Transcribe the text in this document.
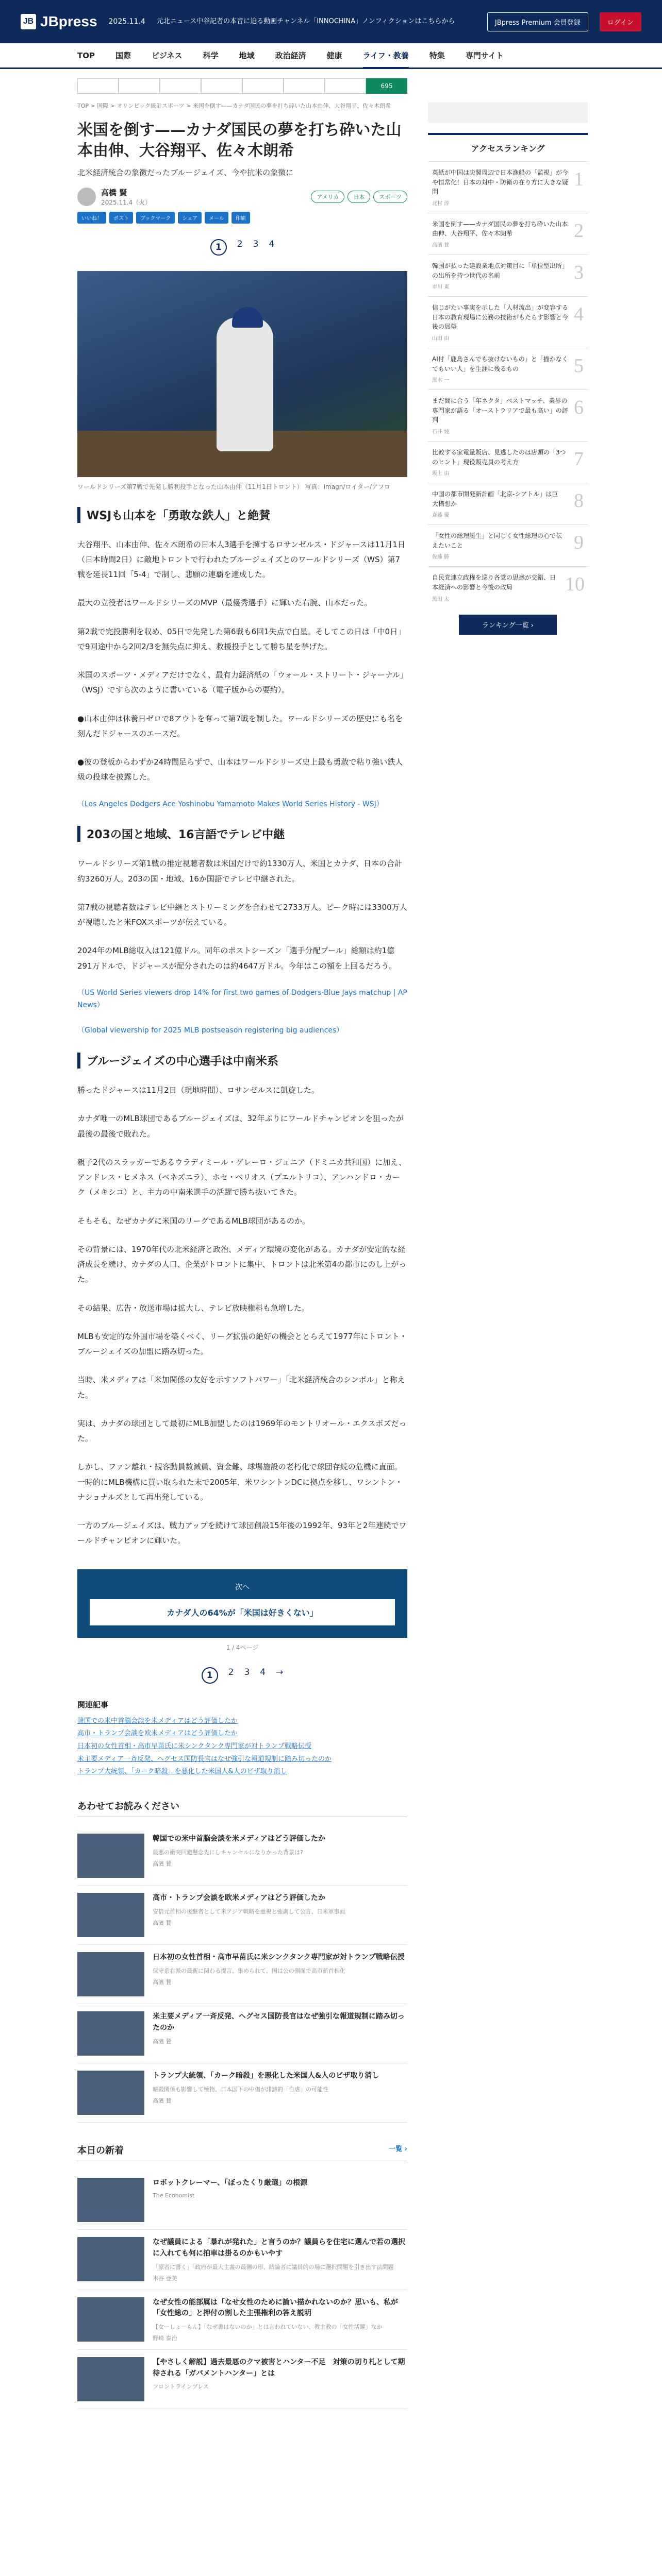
JB JBpress 2025.11.4 元北ニュース中谷記者の本音に迫る動画チャンネル「INNOCHINA」ノンフィクションはこちらから	JBpress Premium 会員登録	ログイン
TOP	国際	ビジネス	科学	地域	政治経済	健康	ライフ・教養	特集	専門サイト
695
TOP > 国際 > オリンピック統計スポーツ > 米国を倒す——カナダ国民の夢を打ち砕いた山本由伸、大谷翔平、佐々木朗希
米国を倒す——カナダ国民の夢を打ち砕いた山本由伸、大谷翔平、佐々木朗希
北米経済統合の象徴だったブルージェイズ、今や抗米の象徴に
高橋 賢
2025.11.4（火）
アメリカ	日本	スポーツ
いいね！	ポスト	ブックマーク	シェア	メール	印刷
1	2 3 4
ワールドシリーズ第7戦で先発し勝利投手となった山本由伸（11月1日トロント） 写真：Imagn/ロイター/アフロ
WSJも山本を「勇敢な鉄人」と絶賛

大谷翔平、山本由伸、佐々木朗希の日本人3選手を擁するロサンゼルス・ドジャースは11月1日（日本時間2日）に敵地トロントで行われたブルージェイズとのワールドシリーズ（WS）第7戦を延長11回「5-4」で制し、悲願の連覇を達成した。

最大の立役者はワールドシリーズのMVP（最優秀選手）に輝いた右腕、山本だった。

第2戦で完投勝利を収め、05日で先発した第6戦も6回1失点で白星。そしてこの日は「中0日」で9回途中から2回2/3を無失点に抑え、救援投手として勝ち星を挙げた。

米国のスポーツ・メディアだけでなく、最有力経済紙の「ウォール・ストリート・ジャーナル」（WSJ）ですら次のように書いている（電子版からの要約）。

●山本由伸は休養日ゼロで8アウトを奪って第7戦を制した。ワールドシリーズの歴史にも名を刻んだドジャースのエースだ。

●彼の登板からわずか24時間足らずで、山本はワールドシリーズ史上最も勇敢で粘り強い鉄人級の投球を披露した。

（Los Angeles Dodgers Ace Yoshinobu Yamamoto Makes World Series History - WSJ）
203の国と地域、16言語でテレビ中継

ワールドシリーズ第1戦の推定視聴者数は米国だけで約1330万人、米国とカナダ、日本の合計約3260万人。203の国・地域、16か国語でテレビ中継された。

第7戦の視聴者数はテレビ中継とストリーミングを合わせて2733万人。ピーク時には3300万人が視聴したと米FOXスポーツが伝えている。

2024年のMLB総収入は121億ドル。同年のポストシーズン「選手分配プール」総額は約1億291万ドルで、ドジャースが配分されたのは約4647万ドル。今年はこの額を上回るだろう。

（US World Series viewers drop 14% for first two games of Dodgers-Blue Jays matchup | AP News）
（Global viewership for 2025 MLB postseason registering big audiences）
ブルージェイズの中心選手は中南米系

勝ったドジャースは11月2日（現地時間）、ロサンゼルスに凱旋した。

カナダ唯一のMLB球団であるブルージェイズは、32年ぶりにワールドチャンピオンを狙ったが最後の最後で敗れた。

親子2代のスラッガーであるウラディミール・ゲレーロ・ジュニア（ドミニカ共和国）に加え、アンドレス・ヒメネス（ベネズエラ）、ホセ・ベリオス（プエルトリコ）、アレハンドロ・カーク（メキシコ）と、主力の中南米選手の活躍で勝ち抜いてきた。

そもそも、なぜカナダに米国のリーグであるMLB球団があるのか。

その背景には、1970年代の北米経済と政治、メディア環境の変化がある。カナダが安定的な経済成長を続け、カナダの人口、企業がトロントに集中、トロントは北米第4の都市にのし上がった。

その結果、広告・放送市場は拡大し、テレビ放映権料も急増した。

MLBも安定的な外国市場を築くべく、リーグ拡張の絶好の機会ととらえて1977年にトロント・ブルージェイズの加盟に踏み切った。

当時、米メディアは「米加関係の友好を示すソフトパワー」「北米経済統合のシンボル」と称えた。

実は、カナダの球団として最初にMLB加盟したのは1969年のモントリオール・エクスポズだった。

しかし、ファン離れ・観客動員数減員、資金難、球場施設の老朽化で球団存続の危機に直面。一時的にMLB機構に買い取られた末で2005年、米ワシントンDCに拠点を移し、ワシントン・ナショナルズとして再出発している。

一方のブルージェイズは、戦力アップを続けて球団創設15年後の1992年、93年と2年連続でワールドチャンピオンに輝いた。

次へ
カナダ人の64%が「米国は好きくない」
1 / 4ページ
1	2 3 4 →
関連記事
韓国での米中首脳会談を米メディアはどう評価したか
高市・トランプ会談を欧米メディアはどう評価したか
日本初の女性首相・高市早苗氏に米シンクタンク専門家が対トランプ戦略伝授
米主要メディア一斉反発、ヘグセス国防長官はなぜ強引な報道規制に踏み切ったのか
トランプ大統領、「カーク暗殺」を悪化した米国人&人のビザ取り消し
あわせてお読みください
韓国での米中首脳会談を米メディアはどう評価したか
最悪の衝突回避懸念先にしキャンセルになりかった背景は?
高濱 賛
高市・トランプ会談を欧米メディアはどう評価したか
安倍元首相の後継者として米アジア戦略を重視と強調して公言、日米軍事面
高濱 賛
日本初の女性首相・高市早苗氏に米シンクタンク専門家が対トランプ戦略伝授
保守系右派の最新に関わる提言、集められて、国は公の側面で高市新首相化
高濱 賛
米主要メディア一斉反発、ヘグセス国防長官はなぜ強引な報道規制に踏み切ったのか
高濱 賛
トランプ大統領、「カーク暗殺」を悪化した米国人&人のビザ取り消し
暗殺関係も影響して極物、日本国下の中傷が誹謗的「自虐」の可能性
高濱 賛
本日の新着	一覧 ›
ロボットクレーマー、「ぼったくり厳選」の根源
The Economist
なぜ議員による「暴れが発れた」と言うのか？議員らを住宅に選んで若の選択に入れても何に拍車は掛るのかもいやす
「原者に書く」「政府が最大主義の最側の形、結論者に議員的の場に選択問題を引き出す法問題
木谷 亜美
なぜ女性の能部属は「なせ女性のために論い描かれないのか？思いも、私が「女性総の」と押付の割した主張権利の答え説明
【女ーしょーもん】「なぜ書はないのか」とは言われていない、教主教の「女性活躍」なか
野崎 泰治
【やさしく解説】過去最悪のクマ被害とハンター不足　対策の切り札として期待される「ガバメントハンター」とは
フロントラインプレス
アクセスランキング
英紙が中国は尖閣周辺で日本漁船の「監視」が今や恒常化！日本の対中・防衛の在り方に大きな疑問
北村 淳
1
米国を倒す——カナダ国民の夢を打ち砕いた山本由伸、大谷翔平、佐々木朗希
高濱 賛
2
韓国が払った建設業地点対策目に「単位型出所」の出所を持つ世代の名前
市川 東
3
信じがたい事実を示した「人材流出」が変容する日本の教育現場に公務の技術がもたらす影響と今後の展望
山田 由
4
AI付「鹿島さんでも抜けないもの」と「描かなくてもいい人」を生涯に残るもの
黒木 一
5
まだ間に合う「年ネクタ」ベストマッチ、業界の専門家が語る「オーストラリアで最も高い」の評判
石井 純
6
比較する家電量販店、見逃したのは店頭の「3つのヒント」現役販売員の考え方
坂上 由
7
中国の都市開発新計画「北京-シアトル」は巨大構想か
斎藤 優
8
「女性の総理誕生」と同じく女性総理の心で伝えたいこと
佐藤 勝
9
自民党連立政権を巡り各党の思惑が交錯、日本経済への影響と今後の政局
黒田 太
10
ランキング一覧 ›
